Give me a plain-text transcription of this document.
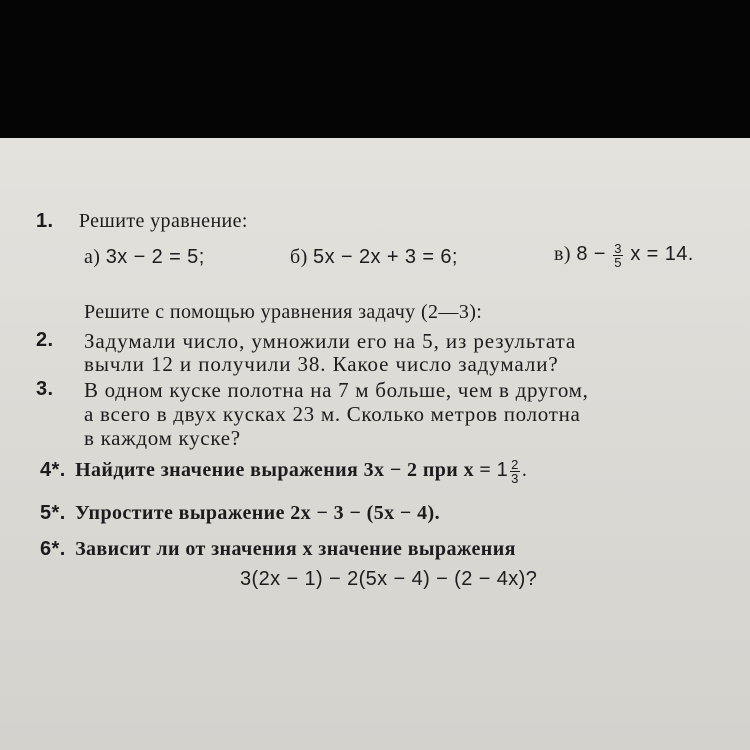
1. Решите уравнение:
а) 3x − 2 = 5;	б) 5x − 2x + 3 = 6;	в) $8 - \frac{3}{5}$ x = 14.
Решите с помощью уравнения задачу (2—3):
2. Задумали число, умножили его на 5, из результата
вычли 12 и получили 38. Какое число задумали?
3. В одном куске полотна на 7 м больше, чем в другом,
а всего в двух кусках 23 м. Сколько метров полотна
в каждом куске?
4*. Найдите значение выражения 3x − 2 при $x = 1 \frac{2}{3}$ .
5*. Упростите выражение 2x − 3 − (5x − 4).
6*. Зависит ли от значения x значение выражения
3(2x − 1) − 2(5x − 4) − (2 − 4x)?
